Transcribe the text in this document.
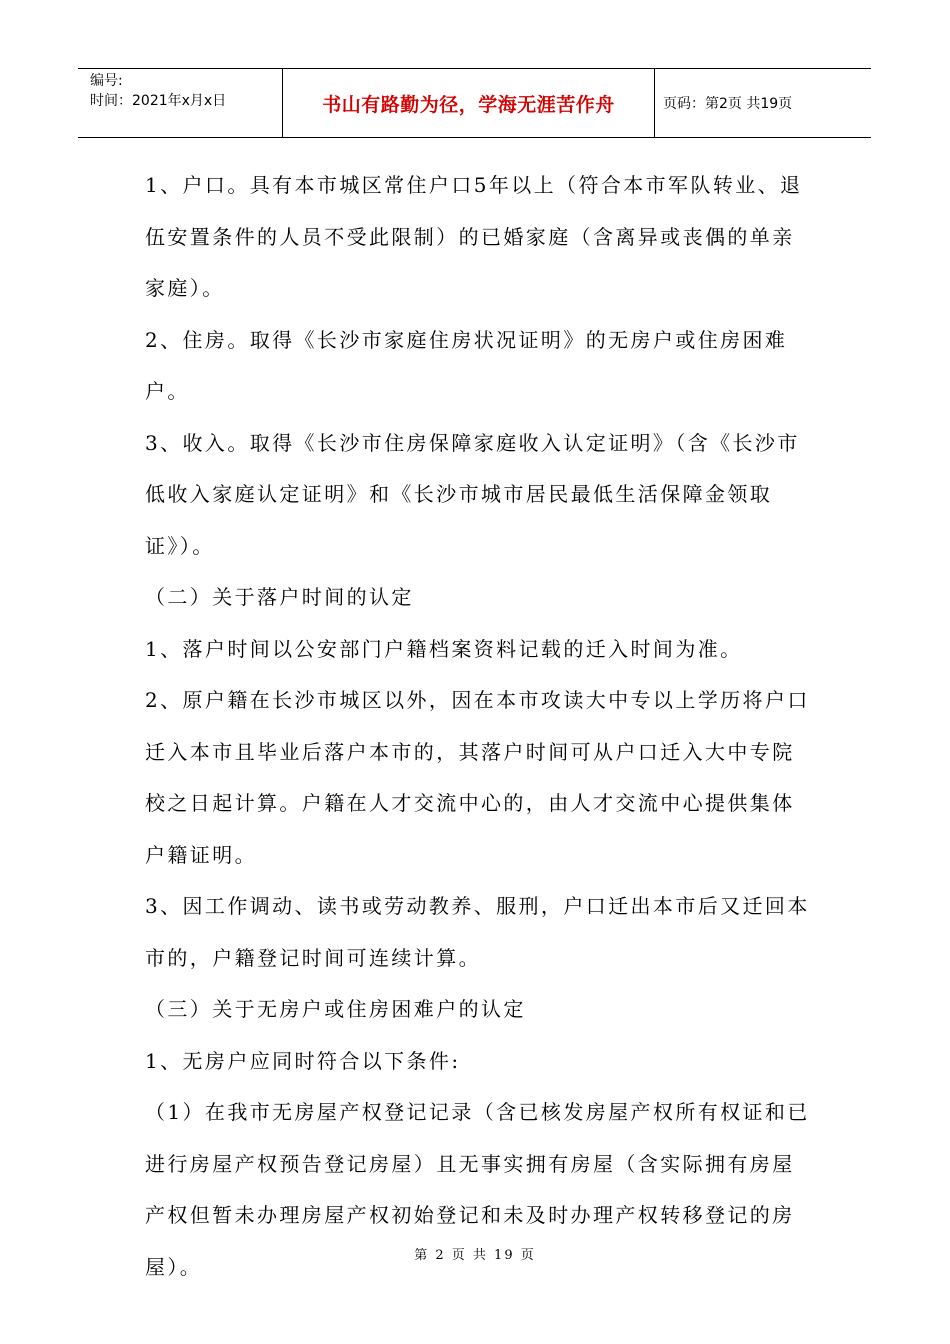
编号:
时间：2021年x月x日	书山有路勤为径，学海无涯苦作舟	页码：第2页 共19页

1、户口。具有本市城区常住户口5年以上（符合本市军队转业、退伍安置条件的人员不受此限制）的已婚家庭（含离异或丧偶的单亲家庭）。

2、住房。取得《长沙市家庭住房状况证明》的无房户或住房困难户。

3、收入。取得《长沙市住房保障家庭收入认定证明》（含《长沙市低收入家庭认定证明》和《长沙市城市居民最低生活保障金领取证》）。

（二）关于落户时间的认定

1、落户时间以公安部门户籍档案资料记载的迁入时间为准。

2、原户籍在长沙市城区以外，因在本市攻读大中专以上学历将户口迁入本市且毕业后落户本市的，其落户时间可从户口迁入大中专院校之日起计算。户籍在人才交流中心的，由人才交流中心提供集体户籍证明。

3、因工作调动、读书或劳动教养、服刑，户口迁出本市后又迁回本市的，户籍登记时间可连续计算。

（三）关于无房户或住房困难户的认定

1、无房户应同时符合以下条件:

（1）在我市无房屋产权登记记录（含已核发房屋产权所有权证和已进行房屋产权预告登记房屋）且无事实拥有房屋（含实际拥有房屋产权但暂未办理房屋产权初始登记和未及时办理产权转移登记的房屋）。	第 2 页 共 19 页
